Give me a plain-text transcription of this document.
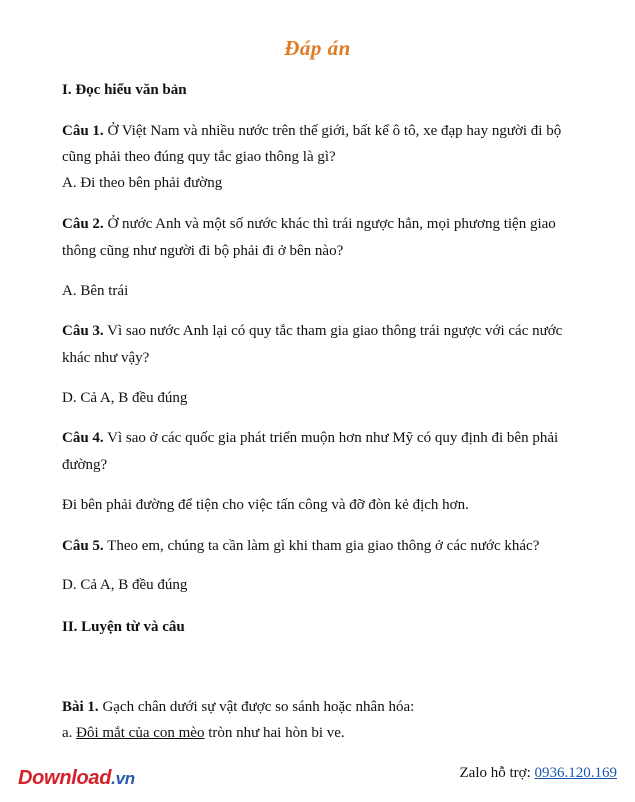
Đáp án
I. Đọc hiểu văn bản
Câu 1. Ở Việt Nam và nhiều nước trên thế giới, bất kể ô tô, xe đạp hay người đi bộ
cũng phải theo đúng quy tắc giao thông là gì?
A. Đi theo bên phải đường
Câu 2. Ở nước Anh và một số nước khác thì trái ngược hẳn, mọi phương tiện giao
thông cũng như người đi bộ phải đi ở bên nào?
A. Bên trái
Câu 3. Vì sao nước Anh lại có quy tắc tham gia giao thông trái ngược với các nước
khác như vậy?
D. Cả A, B đều đúng
Câu 4. Vì sao ở các quốc gia phát triển muộn hơn như Mỹ có quy định đi bên phải
đường?
Đi bên phải đường để tiện cho việc tấn công và đỡ đòn kẻ địch hơn.
Câu 5. Theo em, chúng ta cần làm gì khi tham gia giao thông ở các nước khác?
D. Cả A, B đều đúng
II. Luyện từ và câu
Bài 1. Gạch chân dưới sự vật được so sánh hoặc nhân hóa:
a. Đôi mắt của con mèo tròn như hai hòn bi ve.
Download.vn	Zalo hỗ trợ: 0936.120.169
